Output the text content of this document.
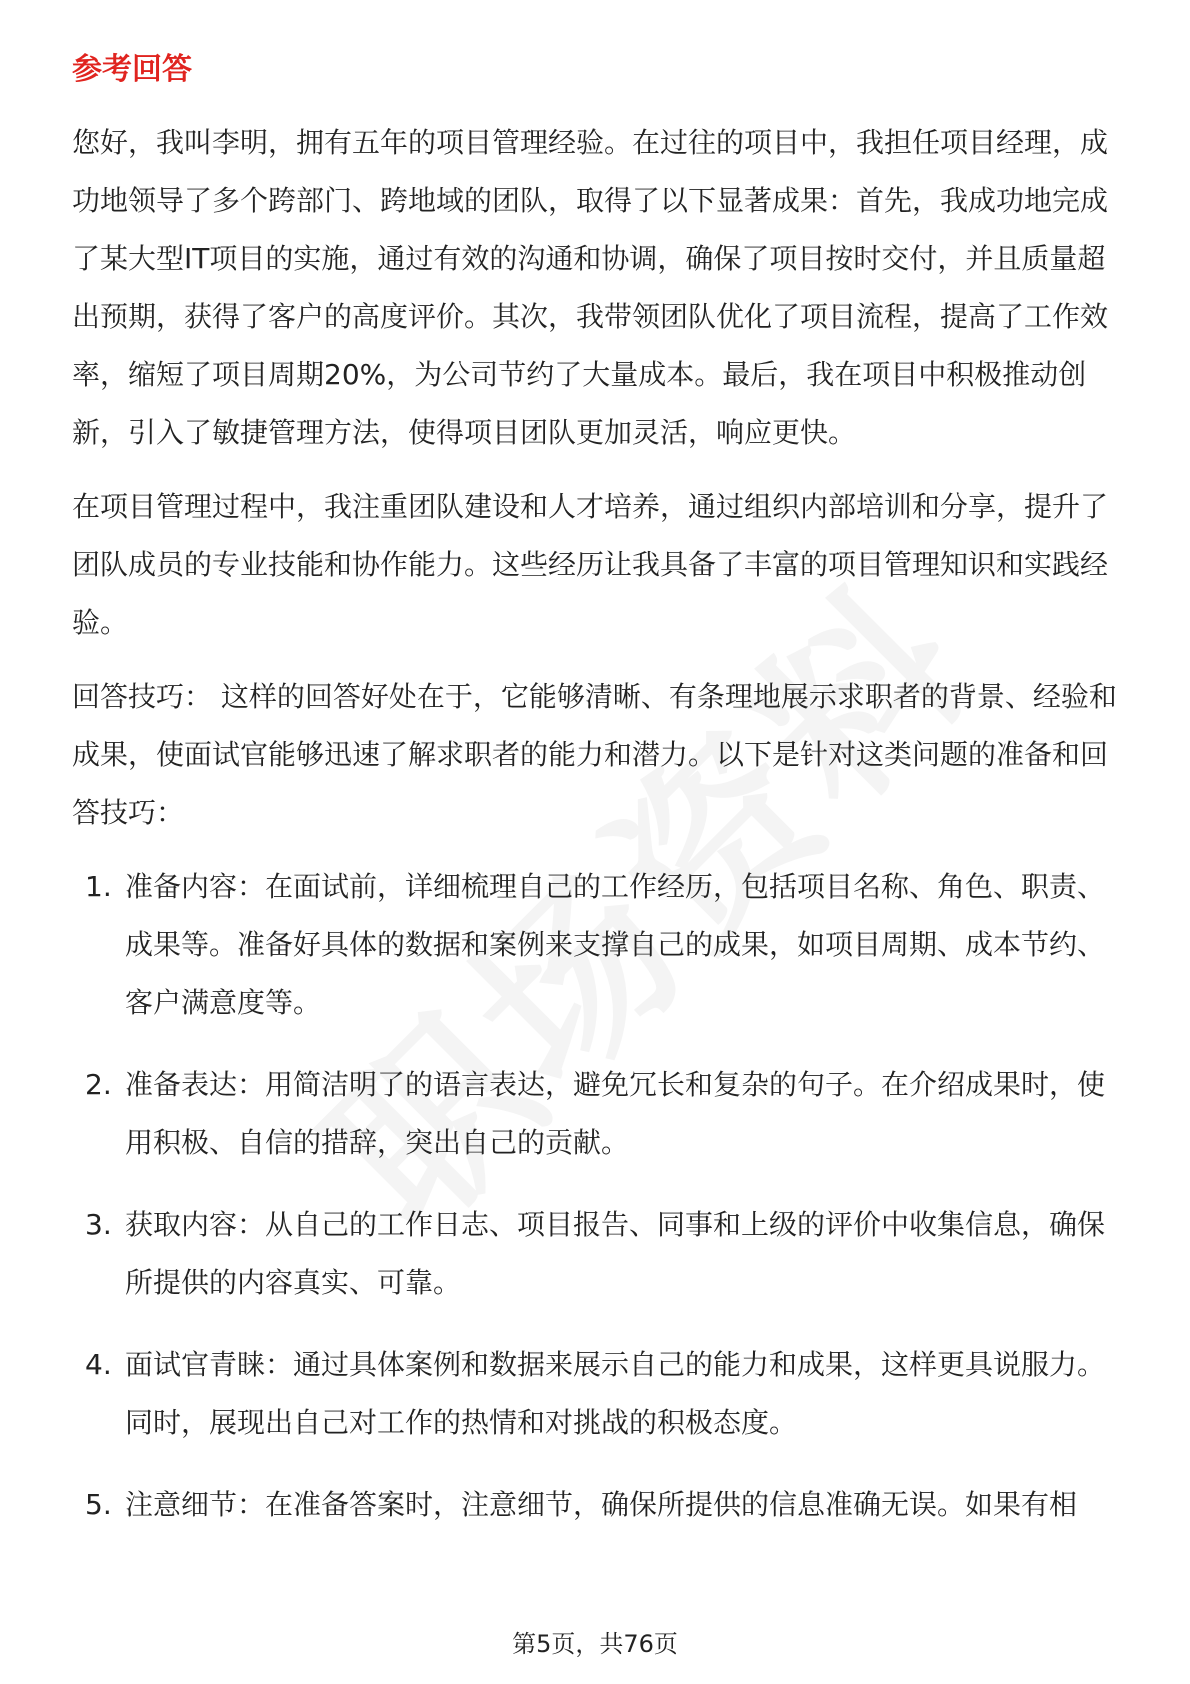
参考回答

您好，我叫李明，拥有五年的项目管理经验。在过往的项目中，我担任项目经理，成功地领导了多个跨部门、跨地域的团队，取得了以下显著成果：首先，我成功地完成了某大型IT项目的实施，通过有效的沟通和协调，确保了项目按时交付，并且质量超出预期，获得了客户的高度评价。其次，我带领团队优化了项目流程，提高了工作效率，缩短了项目周期20%，为公司节约了大量成本。最后，我在项目中积极推动创新，引入了敏捷管理方法，使得项目团队更加灵活，响应更快。

在项目管理过程中，我注重团队建设和人才培养，通过组织内部培训和分享，提升了团队成员的专业技能和协作能力。这些经历让我具备了丰富的项目管理知识和实践经验。

回答技巧： 这样的回答好处在于，它能够清晰、有条理地展示求职者的背景、经验和成果，使面试官能够迅速了解求职者的能力和潜力。以下是针对这类问题的准备和回答技巧：

1. 准备内容：在面试前，详细梳理自己的工作经历，包括项目名称、角色、职责、成果等。准备好具体的数据和案例来支撑自己的成果，如项目周期、成本节约、客户满意度等。
2. 准备表达：用简洁明了的语言表达，避免冗长和复杂的句子。在介绍成果时，使用积极、自信的措辞，突出自己的贡献。
3. 获取内容：从自己的工作日志、项目报告、同事和上级的评价中收集信息，确保所提供的内容真实、可靠。
4. 面试官青睐：通过具体案例和数据来展示自己的能力和成果，这样更具说服力。同时，展现出自己对工作的热情和对挑战的积极态度。
5. 注意细节：在准备答案时，注意细节，确保所提供的信息准确无误。如果有相
第5页，共76页
